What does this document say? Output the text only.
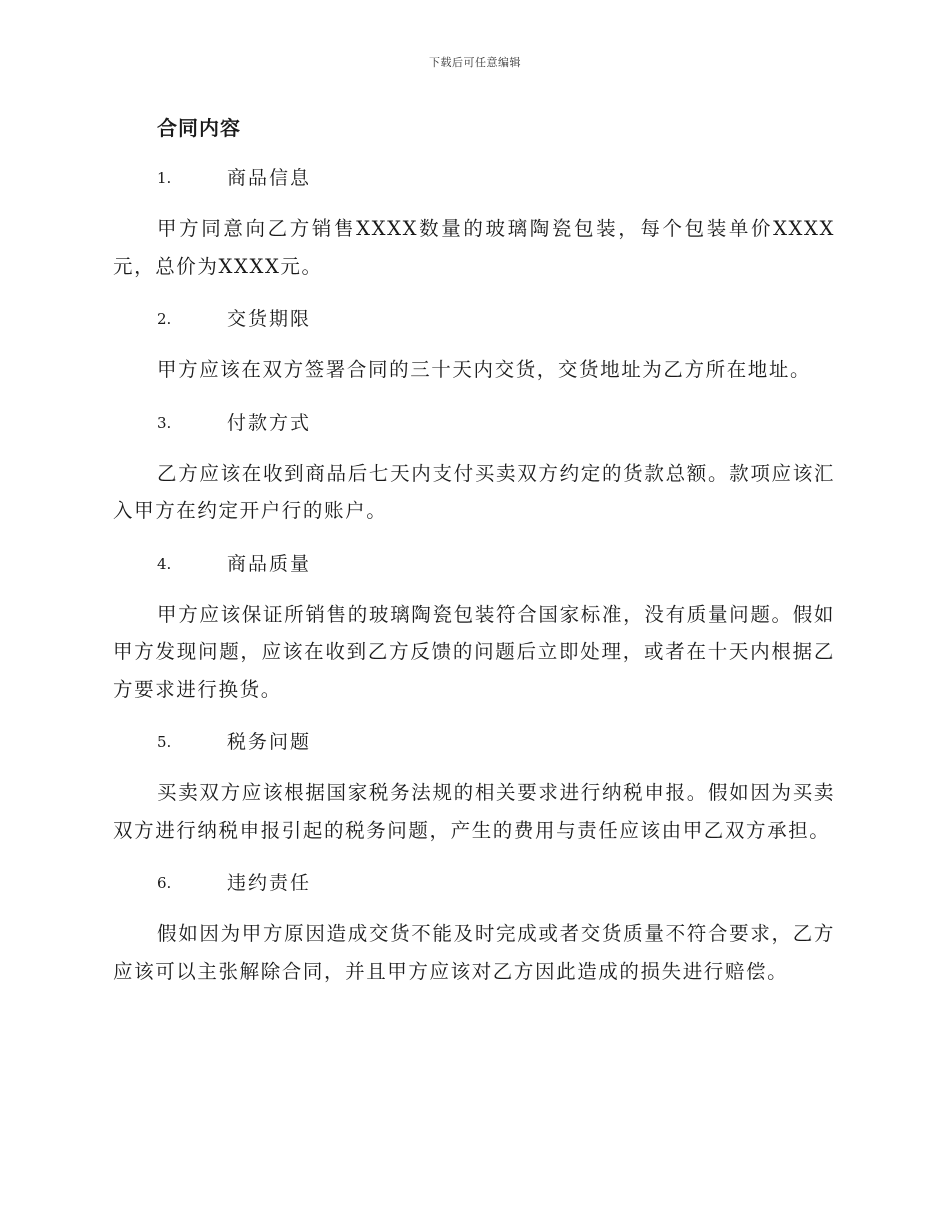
下载后可任意编辑
合同内容
1.	商品信息

甲方同意向乙方销售XXXX数量的玻璃陶瓷包装，每个包装单价XXXX元，总价为XXXX元。

2.	交货期限

甲方应该在双方签署合同的三十天内交货，交货地址为乙方所在地址。

3.	付款方式

乙方应该在收到商品后七天内支付买卖双方约定的货款总额。款项应该汇入甲方在约定开户行的账户。

4.	商品质量

甲方应该保证所销售的玻璃陶瓷包装符合国家标准，没有质量问题。假如甲方发现问题，应该在收到乙方反馈的问题后立即处理，或者在十天内根据乙方要求进行换货。

5.	税务问题

买卖双方应该根据国家税务法规的相关要求进行纳税申报。假如因为买卖双方进行纳税申报引起的税务问题，产生的费用与责任应该由甲乙双方承担。

6.	违约责任

假如因为甲方原因造成交货不能及时完成或者交货质量不符合要求，乙方应该可以主张解除合同，并且甲方应该对乙方因此造成的损失进行赔偿。
